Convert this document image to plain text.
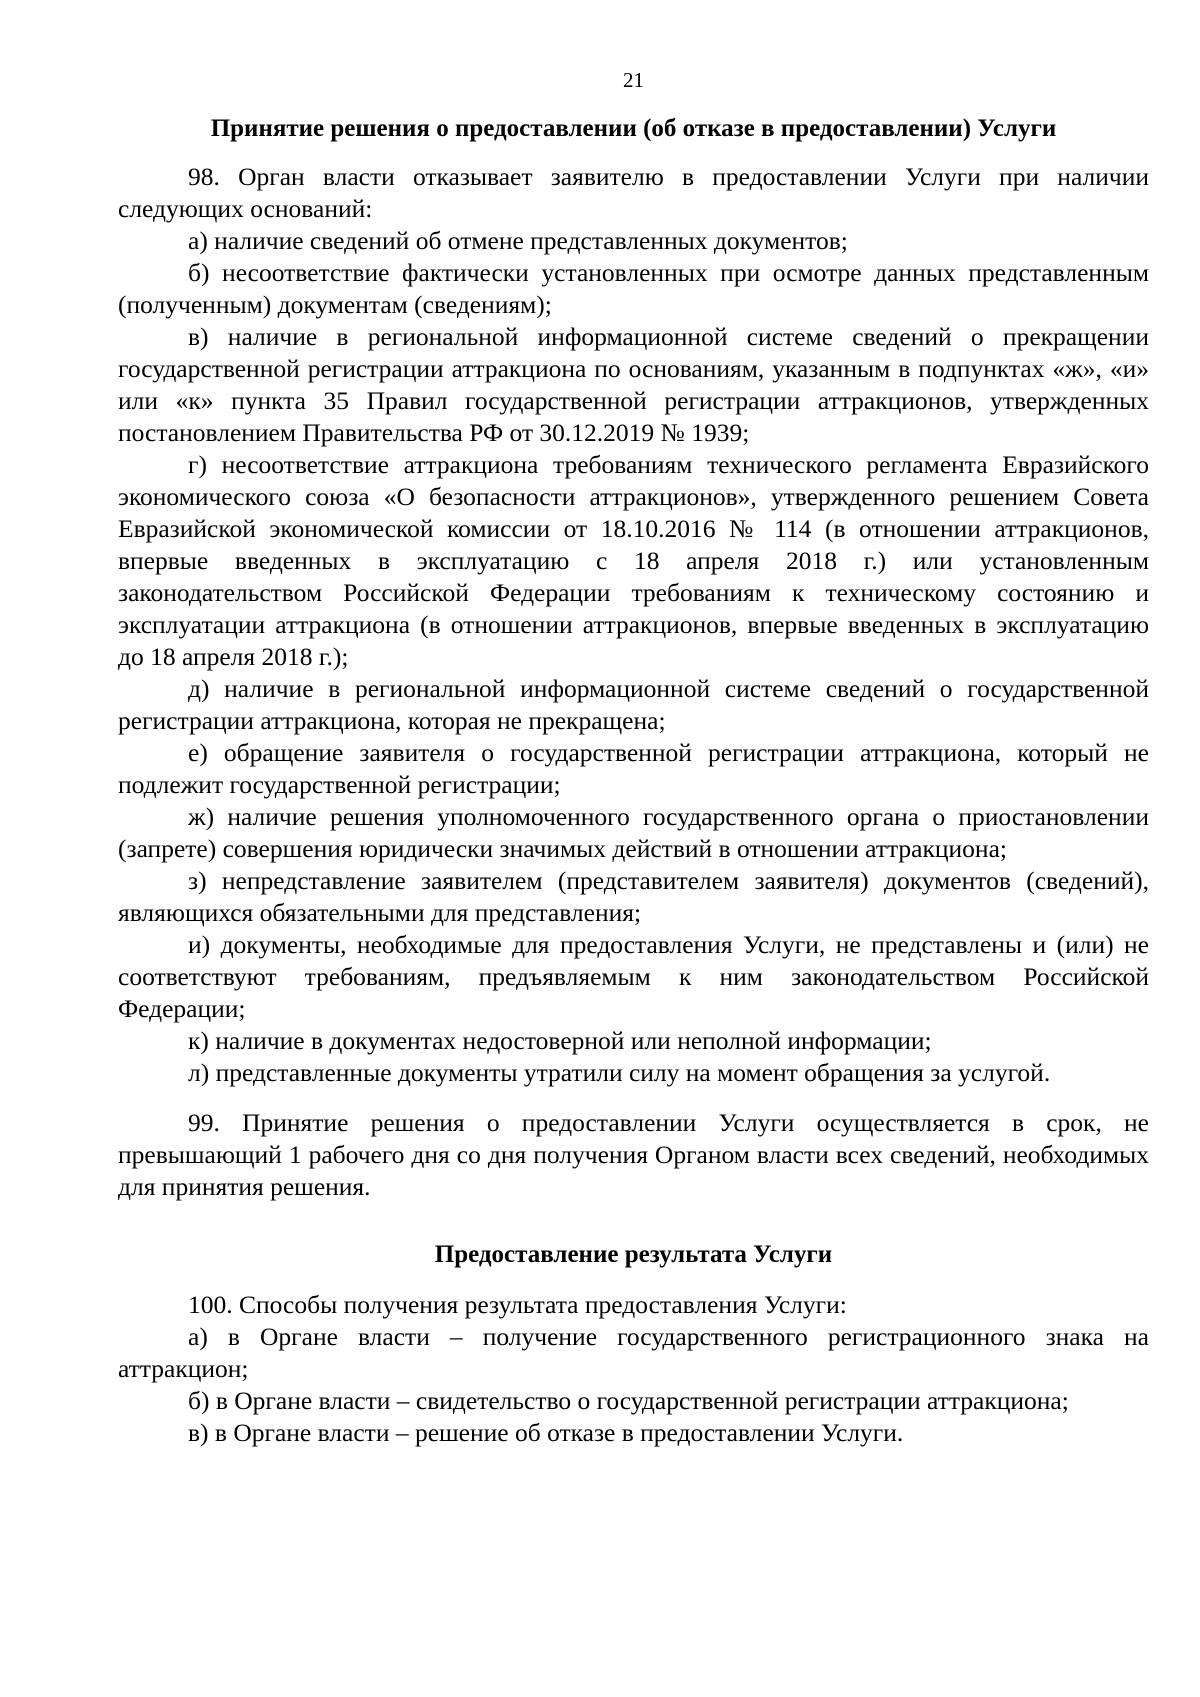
21
Принятие решения о предоставлении (об отказе в предоставлении) Услуги

98. Орган власти отказывает заявителю в предоставлении Услуги при наличии следующих оснований:

а) наличие сведений об отмене представленных документов;

б) несоответствие фактически установленных при осмотре данных представленным (полученным) документам (сведениям);

в) наличие в региональной информационной системе сведений о прекращении государственной регистрации аттракциона по основаниям, указанным в подпунктах «ж», «и» или «к» пункта 35 Правил государственной регистрации аттракционов, утвержденных постановлением Правительства РФ от 30.12.2019 № 1939;

г) несоответствие аттракциона требованиям технического регламента Евразийского экономического союза «О безопасности аттракционов», утвержденного решением Совета Евразийской экономической комиссии от 18.10.2016 № 114 (в отношении аттракционов, впервые введенных в эксплуатацию с 18 апреля 2018 г.) или установленным законодательством Российской Федерации требованиям к техническому состоянию и эксплуатации аттракциона (в отношении аттракционов, впервые введенных в эксплуатацию до 18 апреля 2018 г.);

д) наличие в региональной информационной системе сведений о государственной регистрации аттракциона, которая не прекращена;

е) обращение заявителя о государственной регистрации аттракциона, который не подлежит государственной регистрации;

ж) наличие решения уполномоченного государственного органа о приостановлении (запрете) совершения юридически значимых действий в отношении аттракциона;

з) непредставление заявителем (представителем заявителя) документов (сведений), являющихся обязательными для представления;

и) документы, необходимые для предоставления Услуги, не представлены и (или) не соответствуют требованиям, предъявляемым к ним законодательством Российской Федерации;

к) наличие в документах недостоверной или неполной информации;

л) представленные документы утратили силу на момент обращения за услугой.

99. Принятие решения о предоставлении Услуги осуществляется в срок, не превышающий 1 рабочего дня со дня получения Органом власти всех сведений, необходимых для принятия решения.

Предоставление результата Услуги

100. Способы получения результата предоставления Услуги:

а) в Органе власти – получение государственного регистрационного знака на аттракцион;

б) в Органе власти – свидетельство о государственной регистрации аттракциона;

в) в Органе власти – решение об отказе в предоставлении Услуги.
